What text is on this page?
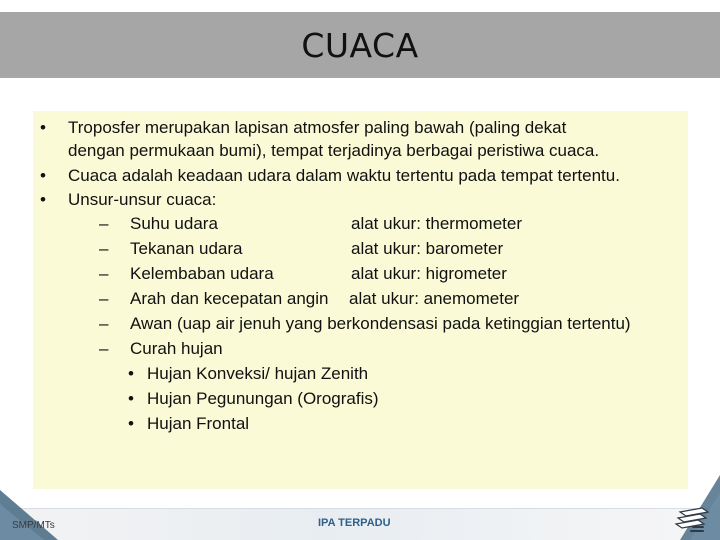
CUACA
• Troposfer merupakan lapisan atmosfer paling bawah (paling dekat
dengan permukaan bumi), tempat terjadinya berbagai peristiwa cuaca.
• Cuaca adalah keadaan udara dalam waktu tertentu pada tempat tertentu.
• Unsur-unsur cuaca:
– Suhu udara	alat ukur: thermometer
– Tekanan udara	alat ukur: barometer
– Kelembaban udara	alat ukur: higrometer
– Arah dan kecepatan angin alat ukur: anemometer
– Awan (uap air jenuh yang berkondensasi pada ketinggian tertentu)
– Curah hujan
• Hujan Konveksi/ hujan Zenith
• Hujan Pegunungan (Orografis)
• Hujan Frontal
SMP/MTs	IPA TERPADU
